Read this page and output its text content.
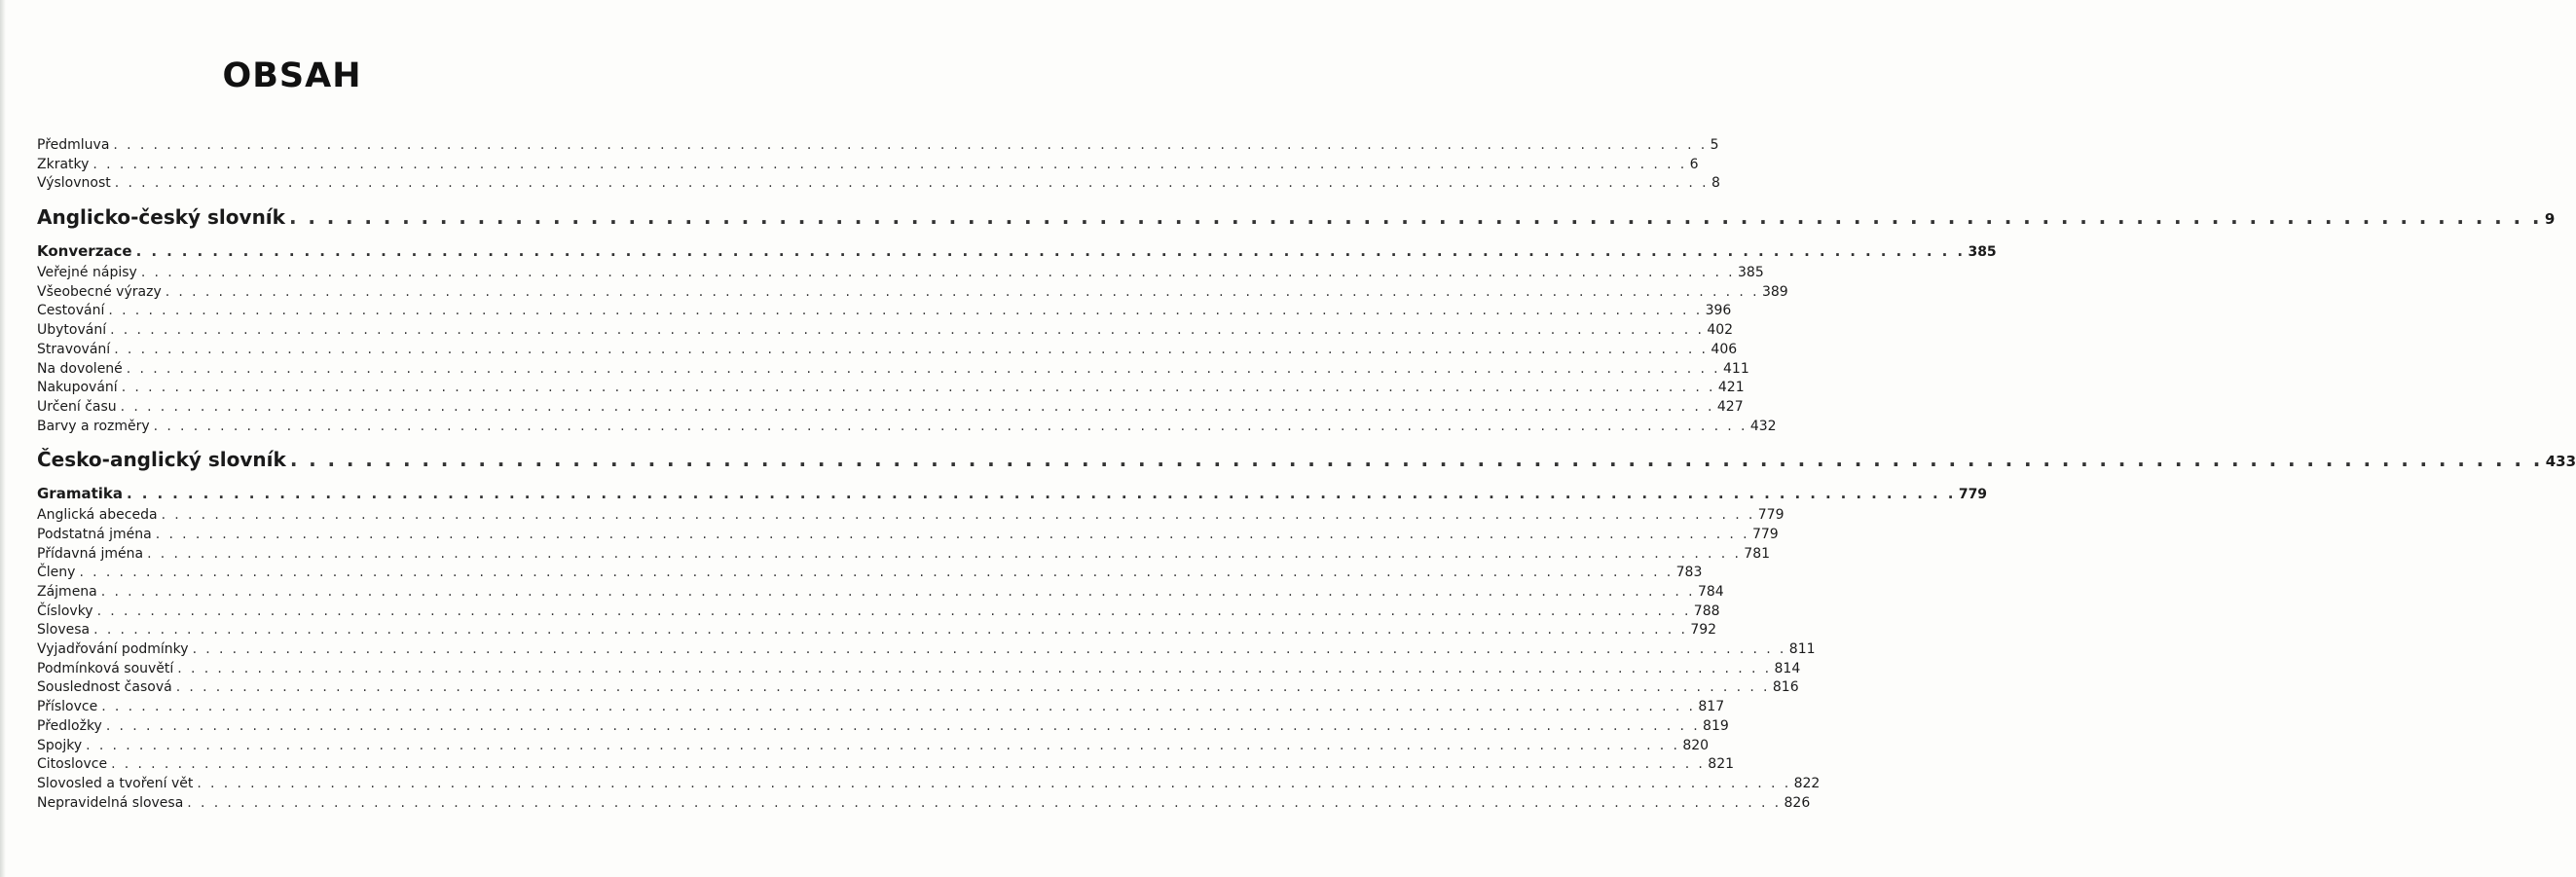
OBSAH
Předmluva . . . . . . . . . . . . . . . . . . . . . . . . . . . . . . . . . . . . . . . . . . . . . . . . . . . . . . . . . . . . . . . . . . . . . . . . . . . . . . . . . . . . . . . . . . . . . . . . . . . . . . . . . . . . . . . . . . . . . . . . 5
Zkratky . . . . . . . . . . . . . . . . . . . . . . . . . . . . . . . . . . . . . . . . . . . . . . . . . . . . . . . . . . . . . . . . . . . . . . . . . . . . . . . . . . . . . . . . . . . . . . . . . . . . . . . . . . . . . . . . . . . . . . . . 6
Výslovnost . . . . . . . . . . . . . . . . . . . . . . . . . . . . . . . . . . . . . . . . . . . . . . . . . . . . . . . . . . . . . . . . . . . . . . . . . . . . . . . . . . . . . . . . . . . . . . . . . . . . . . . . . . . . . . . . . . . . . . . . 8
Anglicko-český slovník . . . . . . . . . . . . . . . . . . . . . . . . . . . . . . . . . . . . . . . . . . . . . . . . . . . . . . . . . . . . . . . . . . . . . . . . . . . . . . . . . . . . . . . . . . . . . . . . . . . . . . . . . . . . . . . . . . . . . . . . 9
Konverzace . . . . . . . . . . . . . . . . . . . . . . . . . . . . . . . . . . . . . . . . . . . . . . . . . . . . . . . . . . . . . . . . . . . . . . . . . . . . . . . . . . . . . . . . . . . . . . . . . . . . . . . . . . . . . . . . . . . . . . . . 385
Veřejné nápisy . . . . . . . . . . . . . . . . . . . . . . . . . . . . . . . . . . . . . . . . . . . . . . . . . . . . . . . . . . . . . . . . . . . . . . . . . . . . . . . . . . . . . . . . . . . . . . . . . . . . . . . . . . . . . . . . . . . . . . . . 385
Všeobecné výrazy . . . . . . . . . . . . . . . . . . . . . . . . . . . . . . . . . . . . . . . . . . . . . . . . . . . . . . . . . . . . . . . . . . . . . . . . . . . . . . . . . . . . . . . . . . . . . . . . . . . . . . . . . . . . . . . . . . . . . . . . 389
Cestování . . . . . . . . . . . . . . . . . . . . . . . . . . . . . . . . . . . . . . . . . . . . . . . . . . . . . . . . . . . . . . . . . . . . . . . . . . . . . . . . . . . . . . . . . . . . . . . . . . . . . . . . . . . . . . . . . . . . . . . . 396
Ubytování . . . . . . . . . . . . . . . . . . . . . . . . . . . . . . . . . . . . . . . . . . . . . . . . . . . . . . . . . . . . . . . . . . . . . . . . . . . . . . . . . . . . . . . . . . . . . . . . . . . . . . . . . . . . . . . . . . . . . . . . 402
Stravování . . . . . . . . . . . . . . . . . . . . . . . . . . . . . . . . . . . . . . . . . . . . . . . . . . . . . . . . . . . . . . . . . . . . . . . . . . . . . . . . . . . . . . . . . . . . . . . . . . . . . . . . . . . . . . . . . . . . . . . . 406
Na dovolené . . . . . . . . . . . . . . . . . . . . . . . . . . . . . . . . . . . . . . . . . . . . . . . . . . . . . . . . . . . . . . . . . . . . . . . . . . . . . . . . . . . . . . . . . . . . . . . . . . . . . . . . . . . . . . . . . . . . . . . . 411
Nakupování . . . . . . . . . . . . . . . . . . . . . . . . . . . . . . . . . . . . . . . . . . . . . . . . . . . . . . . . . . . . . . . . . . . . . . . . . . . . . . . . . . . . . . . . . . . . . . . . . . . . . . . . . . . . . . . . . . . . . . . . 421
Určení času . . . . . . . . . . . . . . . . . . . . . . . . . . . . . . . . . . . . . . . . . . . . . . . . . . . . . . . . . . . . . . . . . . . . . . . . . . . . . . . . . . . . . . . . . . . . . . . . . . . . . . . . . . . . . . . . . . . . . . . . 427
Barvy a rozměry . . . . . . . . . . . . . . . . . . . . . . . . . . . . . . . . . . . . . . . . . . . . . . . . . . . . . . . . . . . . . . . . . . . . . . . . . . . . . . . . . . . . . . . . . . . . . . . . . . . . . . . . . . . . . . . . . . . . . . . . 432
Česko-anglický slovník . . . . . . . . . . . . . . . . . . . . . . . . . . . . . . . . . . . . . . . . . . . . . . . . . . . . . . . . . . . . . . . . . . . . . . . . . . . . . . . . . . . . . . . . . . . . . . . . . . . . . . . . . . . . . . . . . . . . . . . . 433
Gramatika . . . . . . . . . . . . . . . . . . . . . . . . . . . . . . . . . . . . . . . . . . . . . . . . . . . . . . . . . . . . . . . . . . . . . . . . . . . . . . . . . . . . . . . . . . . . . . . . . . . . . . . . . . . . . . . . . . . . . . . . 779
Anglická abeceda . . . . . . . . . . . . . . . . . . . . . . . . . . . . . . . . . . . . . . . . . . . . . . . . . . . . . . . . . . . . . . . . . . . . . . . . . . . . . . . . . . . . . . . . . . . . . . . . . . . . . . . . . . . . . . . . . . . . . . . . 779
Podstatná jména . . . . . . . . . . . . . . . . . . . . . . . . . . . . . . . . . . . . . . . . . . . . . . . . . . . . . . . . . . . . . . . . . . . . . . . . . . . . . . . . . . . . . . . . . . . . . . . . . . . . . . . . . . . . . . . . . . . . . . . . 779
Přídavná jména . . . . . . . . . . . . . . . . . . . . . . . . . . . . . . . . . . . . . . . . . . . . . . . . . . . . . . . . . . . . . . . . . . . . . . . . . . . . . . . . . . . . . . . . . . . . . . . . . . . . . . . . . . . . . . . . . . . . . . . . 781
Členy . . . . . . . . . . . . . . . . . . . . . . . . . . . . . . . . . . . . . . . . . . . . . . . . . . . . . . . . . . . . . . . . . . . . . . . . . . . . . . . . . . . . . . . . . . . . . . . . . . . . . . . . . . . . . . . . . . . . . . . . 783
Zájmena . . . . . . . . . . . . . . . . . . . . . . . . . . . . . . . . . . . . . . . . . . . . . . . . . . . . . . . . . . . . . . . . . . . . . . . . . . . . . . . . . . . . . . . . . . . . . . . . . . . . . . . . . . . . . . . . . . . . . . . . 784
Číslovky . . . . . . . . . . . . . . . . . . . . . . . . . . . . . . . . . . . . . . . . . . . . . . . . . . . . . . . . . . . . . . . . . . . . . . . . . . . . . . . . . . . . . . . . . . . . . . . . . . . . . . . . . . . . . . . . . . . . . . . . 788
Slovesa . . . . . . . . . . . . . . . . . . . . . . . . . . . . . . . . . . . . . . . . . . . . . . . . . . . . . . . . . . . . . . . . . . . . . . . . . . . . . . . . . . . . . . . . . . . . . . . . . . . . . . . . . . . . . . . . . . . . . . . . 792
Vyjadřování podmínky . . . . . . . . . . . . . . . . . . . . . . . . . . . . . . . . . . . . . . . . . . . . . . . . . . . . . . . . . . . . . . . . . . . . . . . . . . . . . . . . . . . . . . . . . . . . . . . . . . . . . . . . . . . . . . . . . . . . . . . . 811
Podmínková souvětí . . . . . . . . . . . . . . . . . . . . . . . . . . . . . . . . . . . . . . . . . . . . . . . . . . . . . . . . . . . . . . . . . . . . . . . . . . . . . . . . . . . . . . . . . . . . . . . . . . . . . . . . . . . . . . . . . . . . . . . . 814
Souslednost časová . . . . . . . . . . . . . . . . . . . . . . . . . . . . . . . . . . . . . . . . . . . . . . . . . . . . . . . . . . . . . . . . . . . . . . . . . . . . . . . . . . . . . . . . . . . . . . . . . . . . . . . . . . . . . . . . . . . . . . . . 816
Příslovce . . . . . . . . . . . . . . . . . . . . . . . . . . . . . . . . . . . . . . . . . . . . . . . . . . . . . . . . . . . . . . . . . . . . . . . . . . . . . . . . . . . . . . . . . . . . . . . . . . . . . . . . . . . . . . . . . . . . . . . . 817
Předložky . . . . . . . . . . . . . . . . . . . . . . . . . . . . . . . . . . . . . . . . . . . . . . . . . . . . . . . . . . . . . . . . . . . . . . . . . . . . . . . . . . . . . . . . . . . . . . . . . . . . . . . . . . . . . . . . . . . . . . . . 819
Spojky . . . . . . . . . . . . . . . . . . . . . . . . . . . . . . . . . . . . . . . . . . . . . . . . . . . . . . . . . . . . . . . . . . . . . . . . . . . . . . . . . . . . . . . . . . . . . . . . . . . . . . . . . . . . . . . . . . . . . . . . 820
Citoslovce . . . . . . . . . . . . . . . . . . . . . . . . . . . . . . . . . . . . . . . . . . . . . . . . . . . . . . . . . . . . . . . . . . . . . . . . . . . . . . . . . . . . . . . . . . . . . . . . . . . . . . . . . . . . . . . . . . . . . . . . 821
Slovosled a tvoření vět . . . . . . . . . . . . . . . . . . . . . . . . . . . . . . . . . . . . . . . . . . . . . . . . . . . . . . . . . . . . . . . . . . . . . . . . . . . . . . . . . . . . . . . . . . . . . . . . . . . . . . . . . . . . . . . . . . . . . . . . 822
Nepravidelná slovesa . . . . . . . . . . . . . . . . . . . . . . . . . . . . . . . . . . . . . . . . . . . . . . . . . . . . . . . . . . . . . . . . . . . . . . . . . . . . . . . . . . . . . . . . . . . . . . . . . . . . . . . . . . . . . . . . . . . . . . . . 826
